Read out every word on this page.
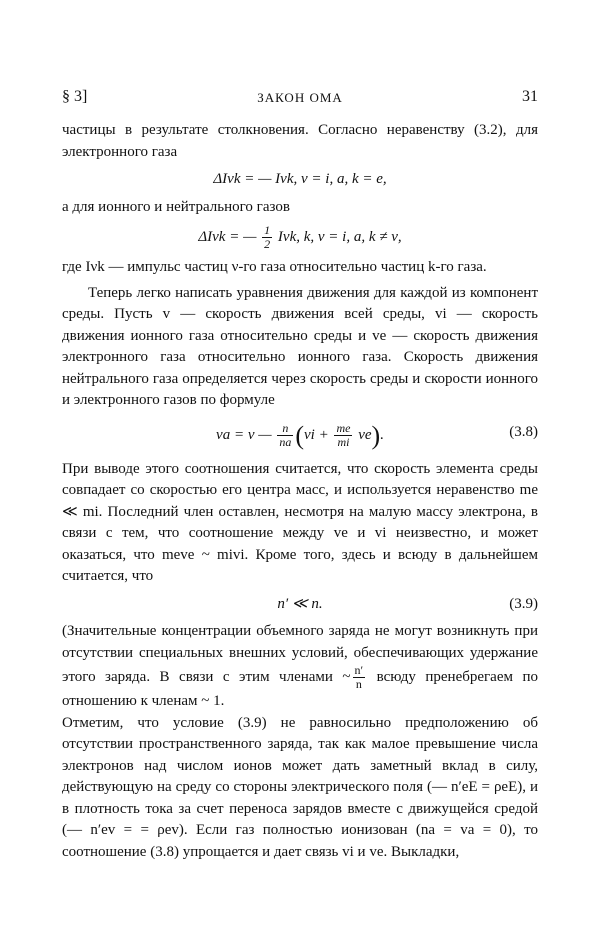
§ 3]	ЗАКОН ОМА	31

частицы в результате столкновения. Согласно неравенству (3.2), для электронного газа

ΔIνk = — Iνk, ν = i, a, k = e,

а для ионного и нейтрального газов

ΔIνk = — $\frac{1}{2} I\nu k$, k, ν = i, a, k ≠ ν,

где Iνk — импульс частиц ν-го газа относительно частиц k-го газа.

Теперь легко написать уравнения движения для каждой из компонент среды. Пусть v — скорость движения всей среды, vi — скорость движения ионного газа относительно среды и ve — скорость движения электронного газа относительно ионного газа. Скорость движения нейтрального газа определяется через скорость среды и скорости ионного и электронного газов по формуле

va = v — $\frac{n}{na} (vi + \frac{me}{mi} ve)$.	(3.8)

При выводе этого соотношения считается, что скорость элемента среды совпадает со скоростью его центра масс, и используется неравенство me ≪ mi. Последний член оставлен, несмотря на малую массу электрона, в связи с тем, что соотношение между ve и vi неизвестно, и может оказаться, что meve ~ mivi. Кроме того, здесь и всюду в дальнейшем считается, что

n′ ≪ n.	(3.9)

(Значительные концентрации объемного заряда не могут возникнуть при отсутствии специальных внешних условий, обеспечивающих удержание этого заряда. В связи с этим членами ~ $\frac{n'}{n}$ всюду пренебрегаем по отношению к членам ~ 1.

Отметим, что условие (3.9) не равносильно предположению об отсутствии пространственного заряда, так как малое превышение числа электронов над числом ионов может дать заметный вклад в силу, действующую на среду со стороны электрического поля (— n′eE = ρeE), и в плотность тока за счет переноса зарядов вместе с движущейся средой (— n′ev = = ρev). Если газ полностью ионизован (na = va = 0), то соотношение (3.8) упрощается и дает связь vi и ve. Выкладки,
